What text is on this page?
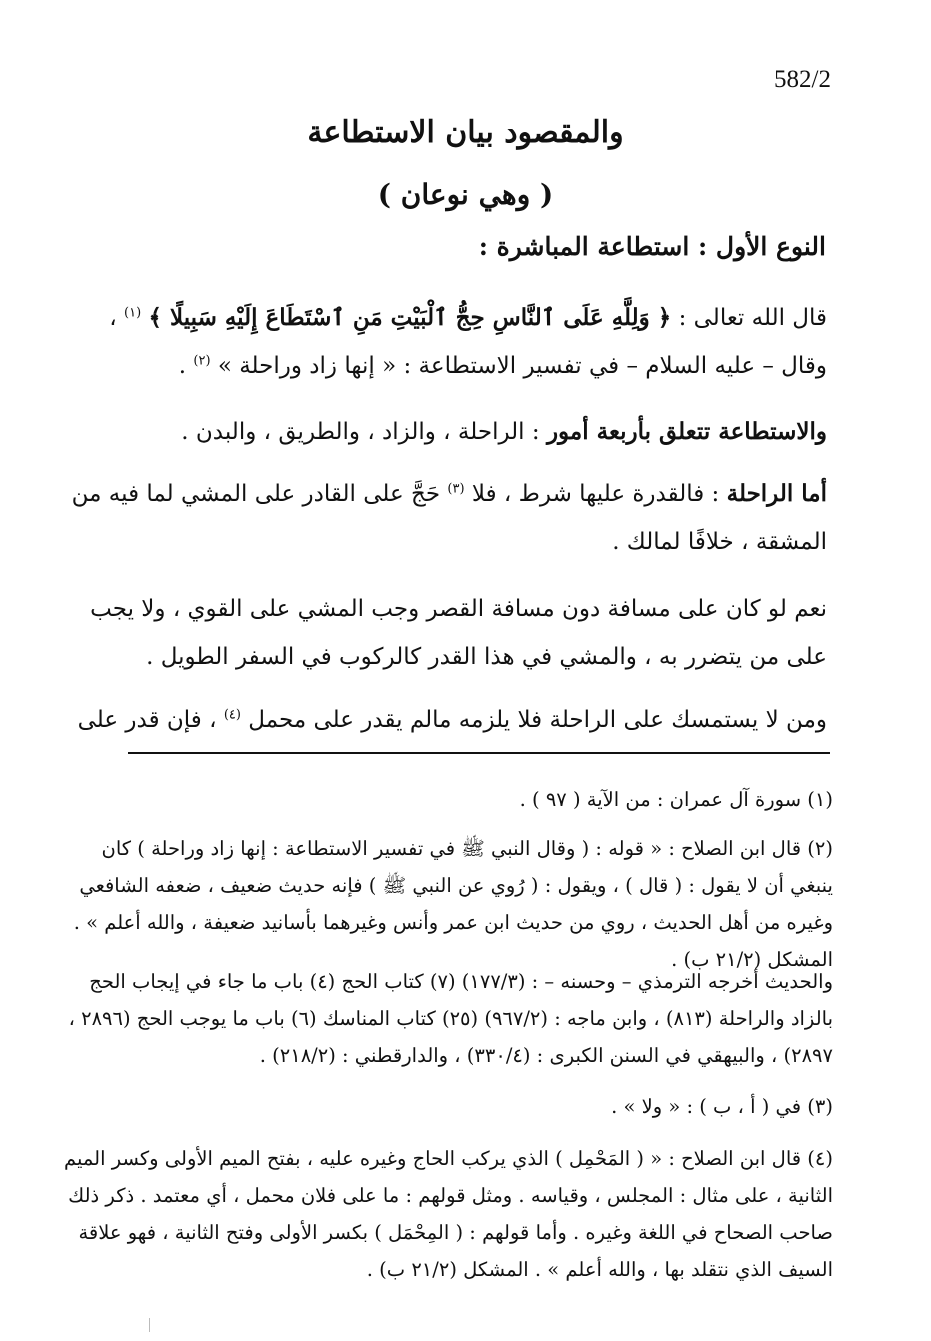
582/2
والمقصود بيان الاستطاعة
( وهي نوعان )
النوع الأول : استطاعة المباشرة :
قال الله تعالى : ﴿ وَلِلَّهِ عَلَى ٱلنَّاسِ حِجُّ ٱلْبَيْتِ مَنِ ٱسْتَطَاعَ إِلَيْهِ سَبِيلًا ﴾ $^{(١)}$ ، وقال – عليه السلام – في تفسير الاستطاعة : « إنها زاد وراحلة » $^{(٢)}$ .
والاستطاعة تتعلق بأربعة أمور : الراحلة ، والزاد ، والطريق ، والبدن .
أما الراحلة : فالقدرة عليها شرط ، فلا $^{(٣)}$ حَجَّ على القادر على المشي لما فيه من المشقة ، خلافًا لمالك .
نعم لو كان على مسافة دون مسافة القصر وجب المشي على القوي ، ولا يجب على من يتضرر به ، والمشي في هذا القدر كالركوب في السفر الطويل .
ومن لا يستمسك على الراحلة فلا يلزمه مالم يقدر على محمل $^{(٤)}$ ، فإن قدر على
(١) سورة آل عمران : من الآية ( ٩٧ ) .
(٢) قال ابن الصلاح : « قوله : ( وقال النبي ﷺ في تفسير الاستطاعة : إنها زاد وراحلة ) كان ينبغي أن لا يقول : ( قال ) ، ويقول : ( رُوي عن النبي ﷺ ) فإنه حديث ضعيف ، ضعفه الشافعي وغيره من أهل الحديث ، روي من حديث ابن عمر وأنس وغيرهما بأسانيد ضعيفة ، والله أعلم » . المشكل (٢١/٢ ب) .
والحديث أخرجه الترمذي – وحسنه – : (١٧٧/٣) (٧) كتاب الحج (٤) باب ما جاء في إيجاب الحج بالزاد والراحلة (٨١٣) ، وابن ماجه : (٩٦٧/٢) (٢٥) كتاب المناسك (٦) باب ما يوجب الحج (٢٨٩٦ ، ٢٨٩٧) ، والبيهقي في السنن الكبرى : (٣٣٠/٤) ، والدارقطني : (٢١٨/٢) .
(٣) في ( أ ، ب ) : « ولا » .
(٤) قال ابن الصلاح : « ( المَحْمِل ) الذي يركب الحاج وغيره عليه ، بفتح الميم الأولى وكسر الميم الثانية ، على مثال : المجلس ، وقياسه . ومثل قولهم : ما على فلان محمل ، أي معتمد . ذكر ذلك صاحب الصحاح في اللغة وغيره . وأما قولهم : ( المِحْمَل ) بكسر الأولى وفتح الثانية ، فهو علاقة السيف الذي نتقلد بها ، والله أعلم » . المشكل (٢١/٢ ب) .
